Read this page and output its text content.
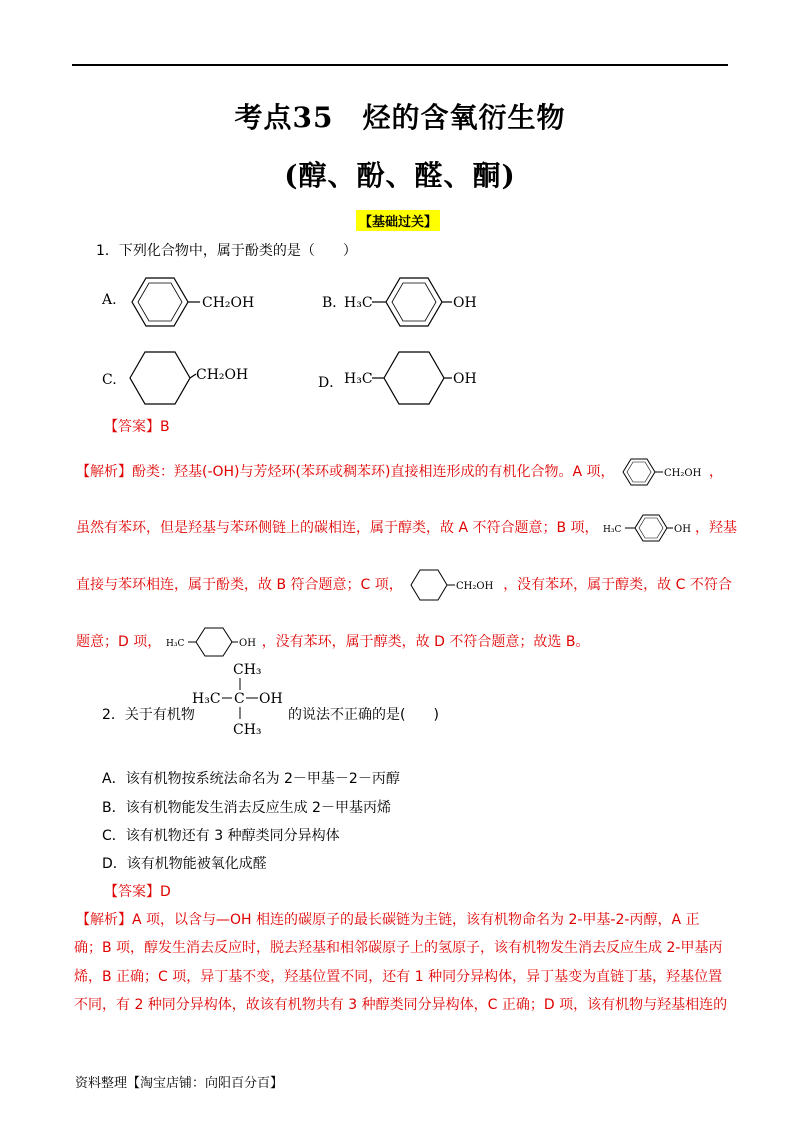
考点35　烃的含氧衍生物
(醇、酚、醛、酮)
【基础过关】
1．下列化合物中，属于酚类的是（　　）
A.	CH₂OH	B．
H₃C	OH
C.	CH₂OH	D． H₃C	OH
【答案】B
【解析】酚类：羟基(-OH)与芳烃环(苯环或稠苯环)直接相连形成的有机化合物。A 项，	CH₂OH ，
虽然有苯环，但是羟基与苯环侧链上的碳相连，属于醇类，故 A 不符合题意；B 项， H₃C	OH ，羟基
直接与苯环相连，属于酚类，故 B 符合题意；C 项，	CH₂OH ，没有苯环，属于醇类，故 C 不符合
题意；D 项， H₃C	OH ，没有苯环，属于醇类，故 D 不符合题意；故选 B。
2．关于有机物
CH₃
H₃C C OH
CH₃
的说法不正确的是(　　)
A．该有机物按系统法命名为 2－甲基－2－丙醇
B．该有机物能发生消去反应生成 2－甲基丙烯
C．该有机物还有 3 种醇类同分异构体
D．该有机物能被氧化成醛
【答案】D
【解析】A 项，以含与—OH 相连的碳原子的最长碳链为主链，该有机物命名为 2-甲基-2-丙醇，A 正
确；B 项，醇发生消去反应时，脱去羟基和相邻碳原子上的氢原子，该有机物发生消去反应生成 2-甲基丙
烯，B 正确；C 项，异丁基不变，羟基位置不同，还有 1 种同分异构体，异丁基变为直链丁基，羟基位置
不同，有 2 种同分异构体，故该有机物共有 3 种醇类同分异构体，C 正确；D 项，该有机物与羟基相连的
资料整理【淘宝店铺：向阳百分百】
